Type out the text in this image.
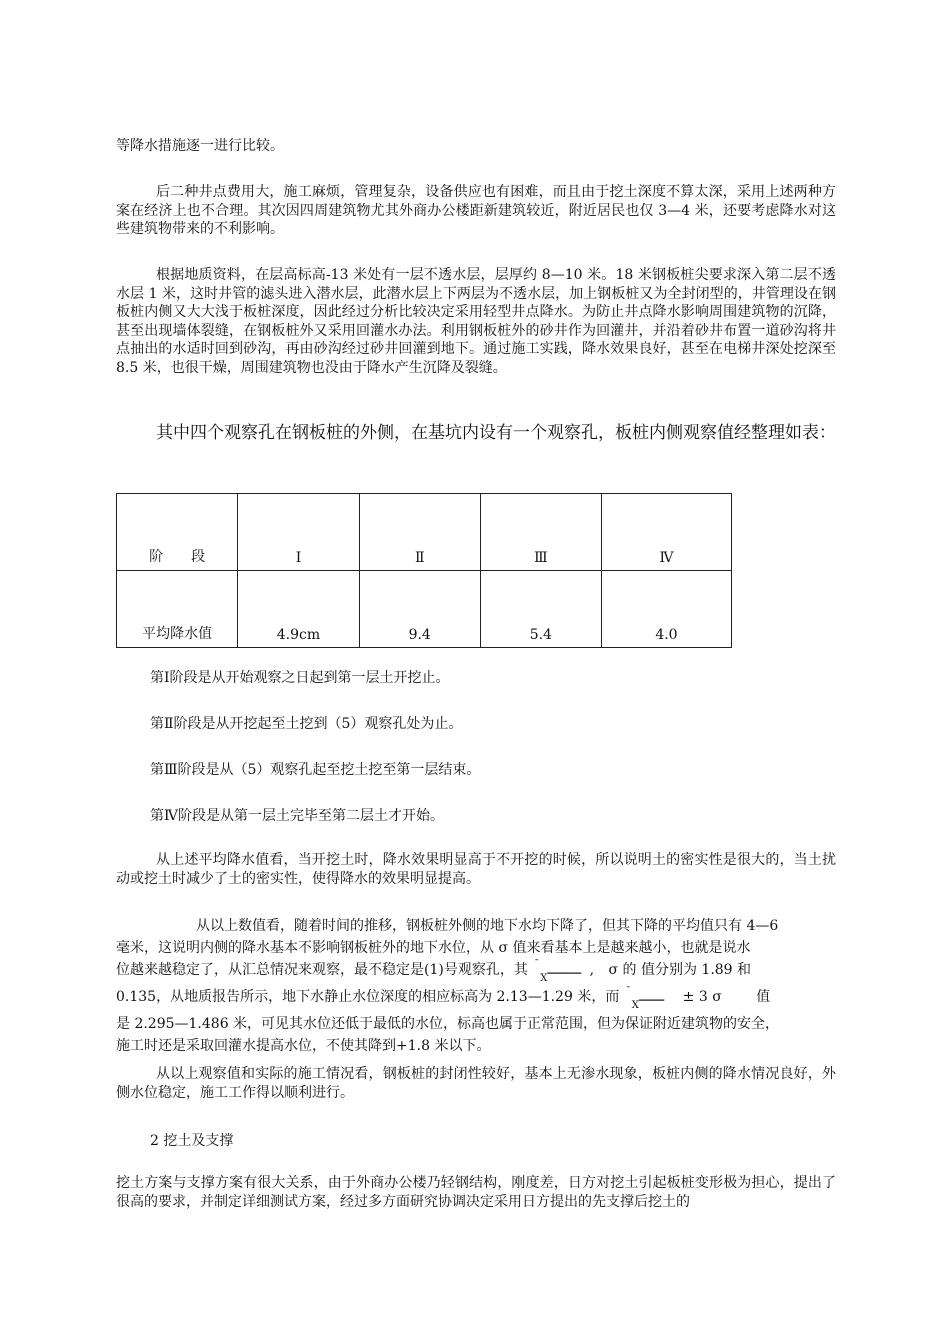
等降水措施逐一进行比较。

后二种井点费用大，施工麻烦，管理复杂，设备供应也有困难，而且由于挖土深度不算太深，采用上述两种方案在经济上也不合理。其次因四周建筑物尤其外商办公楼距新建筑较近，附近居民也仅 3—4 米，还要考虑降水对这些建筑物带来的不利影响。

根据地质资料，在层高标高-13 米处有一层不透水层，层厚约 8—10 米。18 米钢板桩尖要求深入第二层不透水层 1 米，这时井管的滤头进入潜水层，此潜水层上下两层为不透水层，加上钢板桩又为全封闭型的，井管理设在钢板桩内侧又大大浅于板桩深度，因此经过分析比较决定采用轻型井点降水。为防止井点降水影响周围建筑物的沉降，甚至出现墙体裂缝，在钢板桩外又采用回灌水办法。利用钢板桩外的砂井作为回灌井，并沿着砂井布置一道砂沟将井点抽出的水适时回到砂沟，再由砂沟经过砂井回灌到地下。通过施工实践，降水效果良好，甚至在电梯井深处挖深至 8.5 米，也很干燥，周围建筑物也没由于降水产生沉降及裂缝。

其中四个观察孔在钢板桩的外侧，在基坑内设有一个观察孔，板桩内侧观察值经整理如表：

阶　　段	Ⅰ	Ⅱ	Ⅲ	Ⅳ
平均降水值	4.9cm	9.4	5.4	4.0

第Ⅰ阶段是从开始观察之日起到第一层土开挖止。

第Ⅱ阶段是从开挖起至土挖到（5）观察孔处为止。

第Ⅲ阶段是从（5）观察孔起至挖土挖至第一层结束。

第Ⅳ阶段是从第一层土完毕至第二层土才开始。

从上述平均降水值看，当开挖土时，降水效果明显高于不开挖的时候，所以说明土的密实性是很大的，当土扰动或挖土时减少了土的密实性，使得降水的效果明显提高。

从以上数值看，随着时间的推移，钢板桩外侧的地下水均下降了，但其下降的平均值只有 4—6
毫米，这说明内侧的降水基本不影响钢板桩外的地下水位，从 σ 值来看基本上是越来越小，也就是说水
位越来越稳定了，从汇总情况来观察，最不稳定是(1)号观察孔，其 ¯
$_X$──── , σ 的 值分别为 1.89 和
0.135，从地质报告所示，地下水静止水位深度的相应标高为 2.13—1.29 米，而 ¯
$_X$─── ± 3 σ 值
是 2.295—1.486 米，可见其水位还低于最低的水位，标高也属于正常范围，但为保证附近建筑物的安全，
施工时还是采取回灌水提高水位，不使其降到+1.8 米以下。

从以上观察值和实际的施工情况看，钢板桩的封闭性较好，基本上无渗水现象，板桩内侧的降水情况良好，外侧水位稳定，施工工作得以顺利进行。

2 挖土及支撑

挖土方案与支撑方案有很大关系，由于外商办公楼乃轻钢结构，刚度差，日方对挖土引起板桩变形极为担心，提出了很高的要求，并制定详细测试方案，经过多方面研究协调决定采用日方提出的先支撑后挖土的
